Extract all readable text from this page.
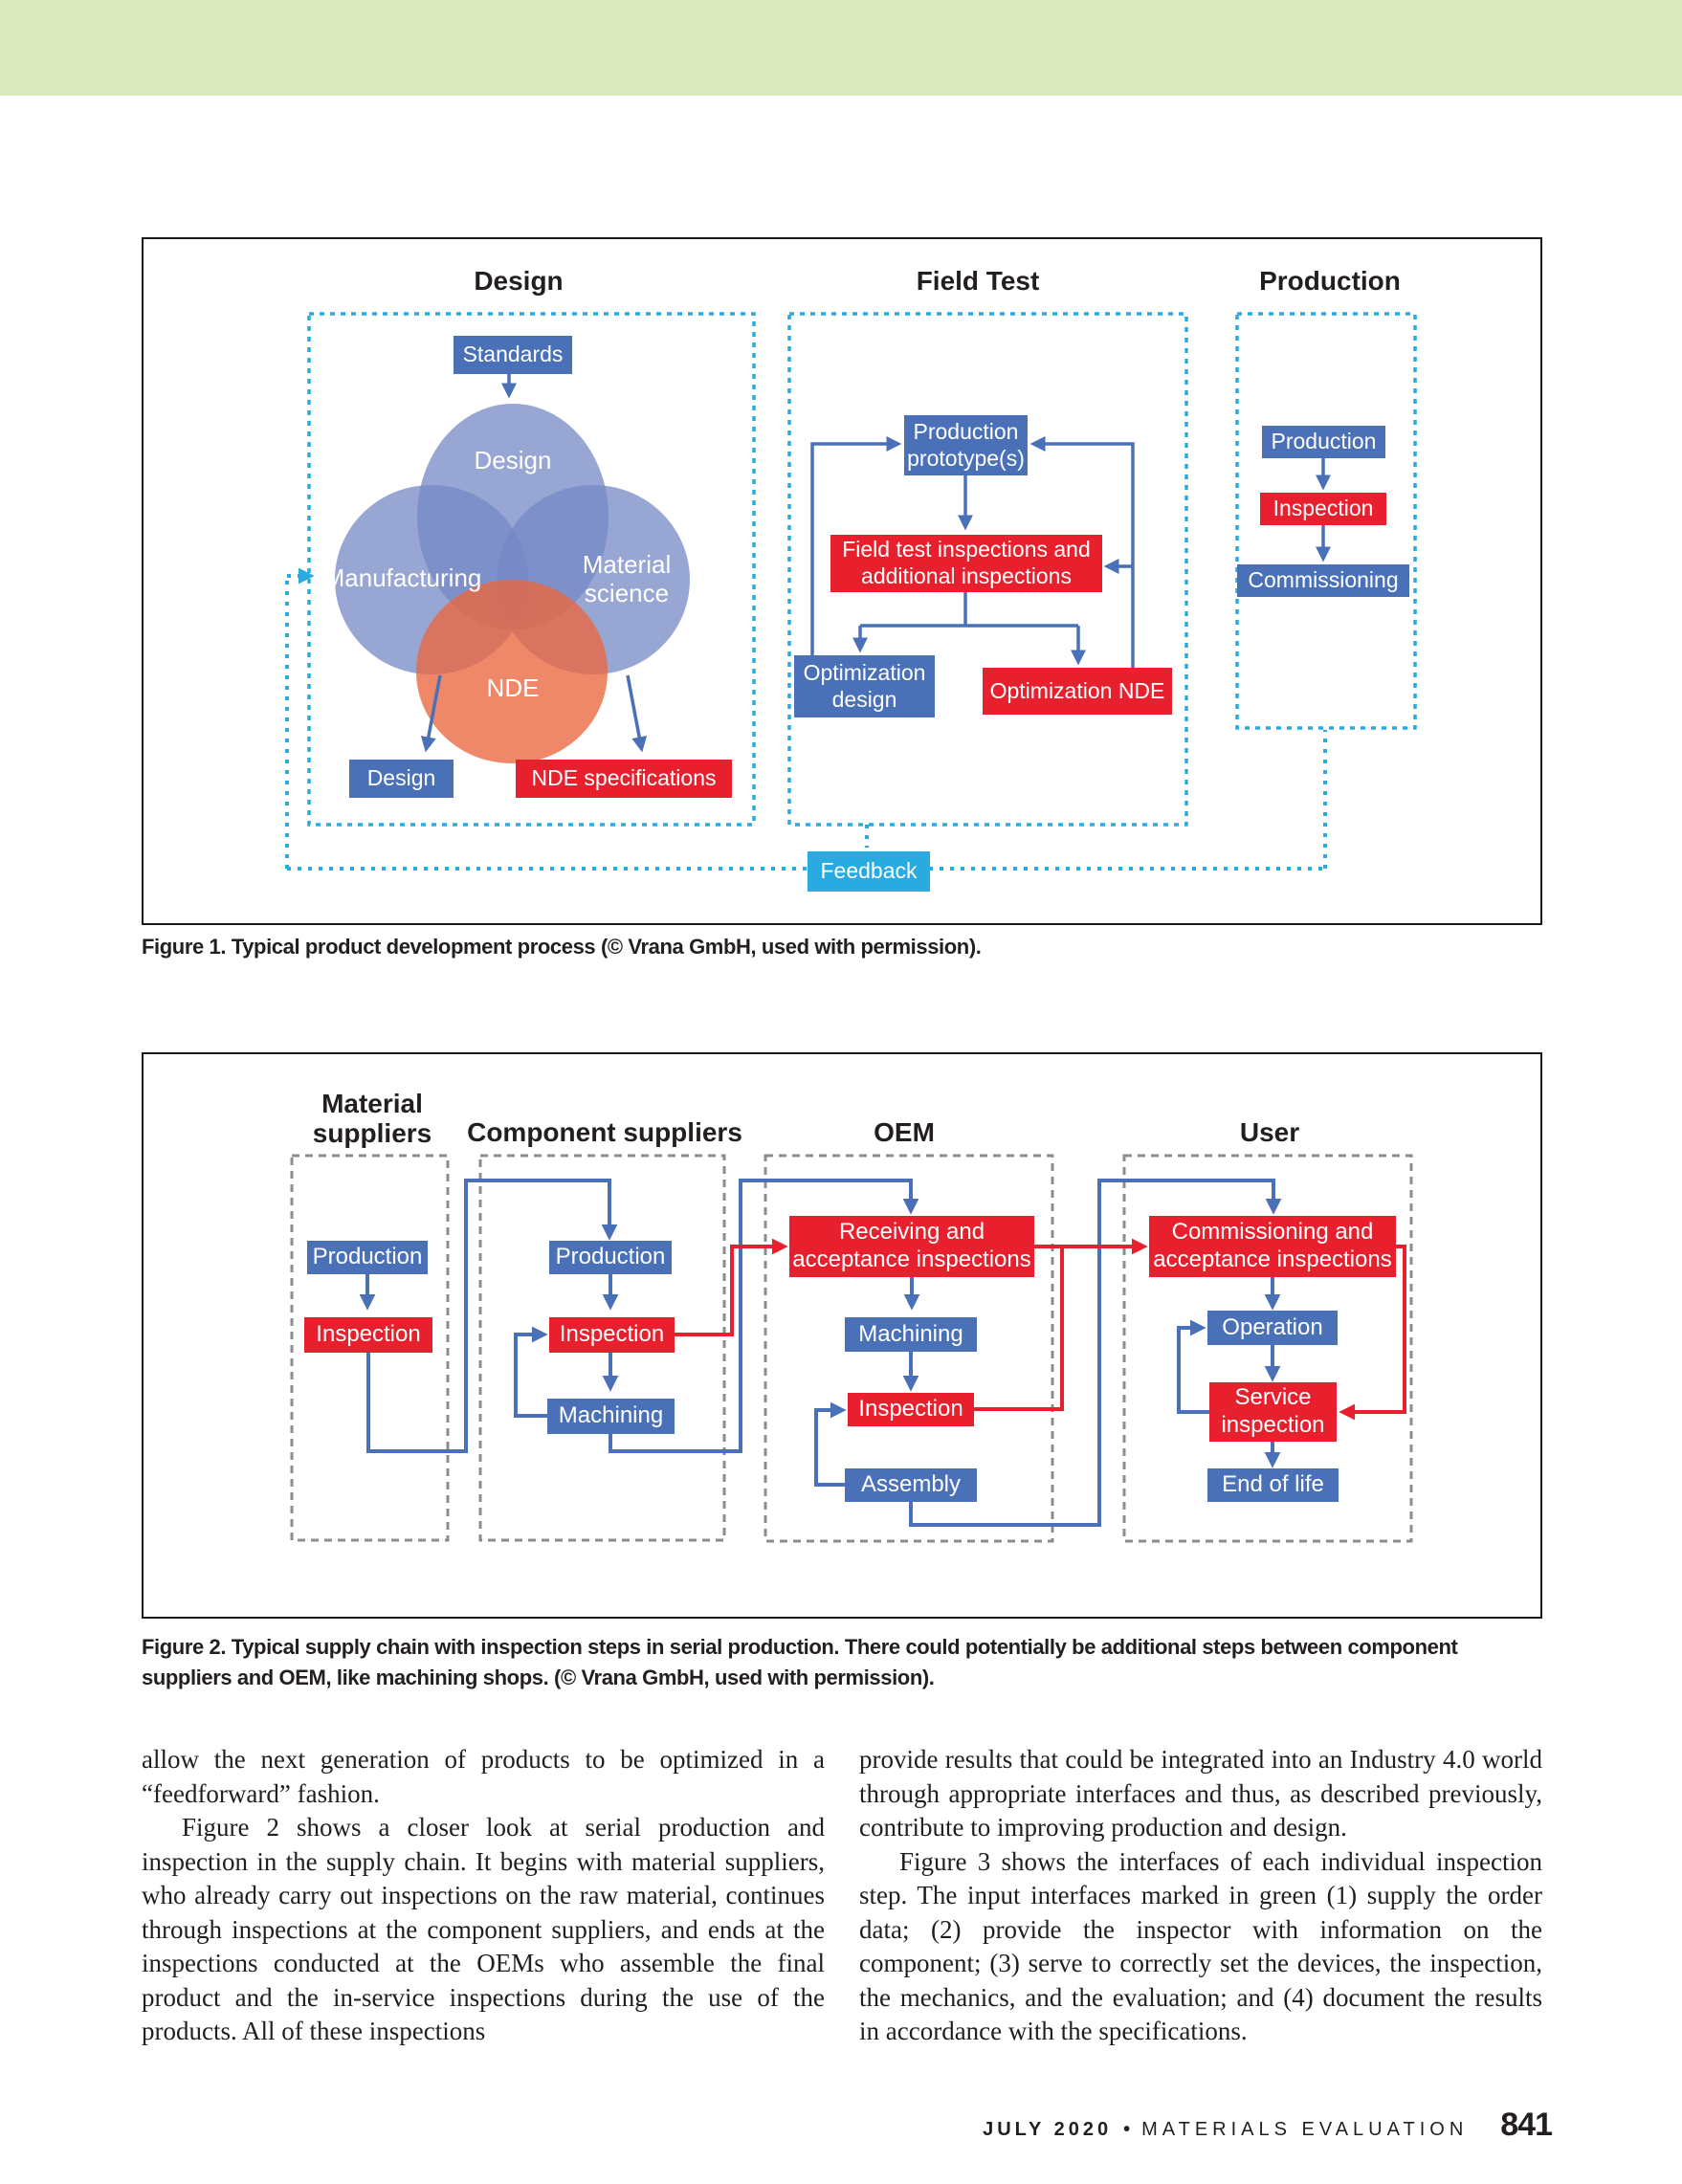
Design	Field Test	Production
Design
Manufacturing	Material science
NDE
Standards
Design	NDE specifications
Production prototype(s)
Field test inspections and additional inspections
Optimization design	Optimization NDE
Production
Inspection
Commissioning
Feedback
Figure 1. Typical product development process (© Vrana GmbH, used with permission).
Material suppliers	Component suppliers	OEM	User
Production
Inspection
Production
Inspection
Machining
Receiving and acceptance inspections
Machining
Inspection
Assembly
Commissioning and acceptance inspections
Operation
Service inspection
End of life
Figure 2. Typical supply chain with inspection steps in serial production. There could potentially be additional steps between component
suppliers and OEM, like machining shops. (© Vrana GmbH, used with permission).

allow the next generation of products to be optimized in a “feedforward” fashion.

Figure 2 shows a closer look at serial production and inspection in the supply chain. It begins with material suppliers, who already carry out inspections on the raw material, continues through inspections at the component suppliers, and ends at the inspections conducted at the OEMs who assemble the final product and the in-service inspections during the use of the products. All of these inspections

provide results that could be integrated into an Industry 4.0 world through appropriate interfaces and thus, as described previously, contribute to improving production and design.

Figure 3 shows the interfaces of each individual inspection step. The input interfaces marked in green (1) supply the order data; (2) provide the inspector with information on the component; (3) serve to correctly set the devices, the inspection, the mechanics, and the evaluation; and (4) document the results in accordance with the specifications.

JULY 2020 • MATERIALS EVALUATION 841
